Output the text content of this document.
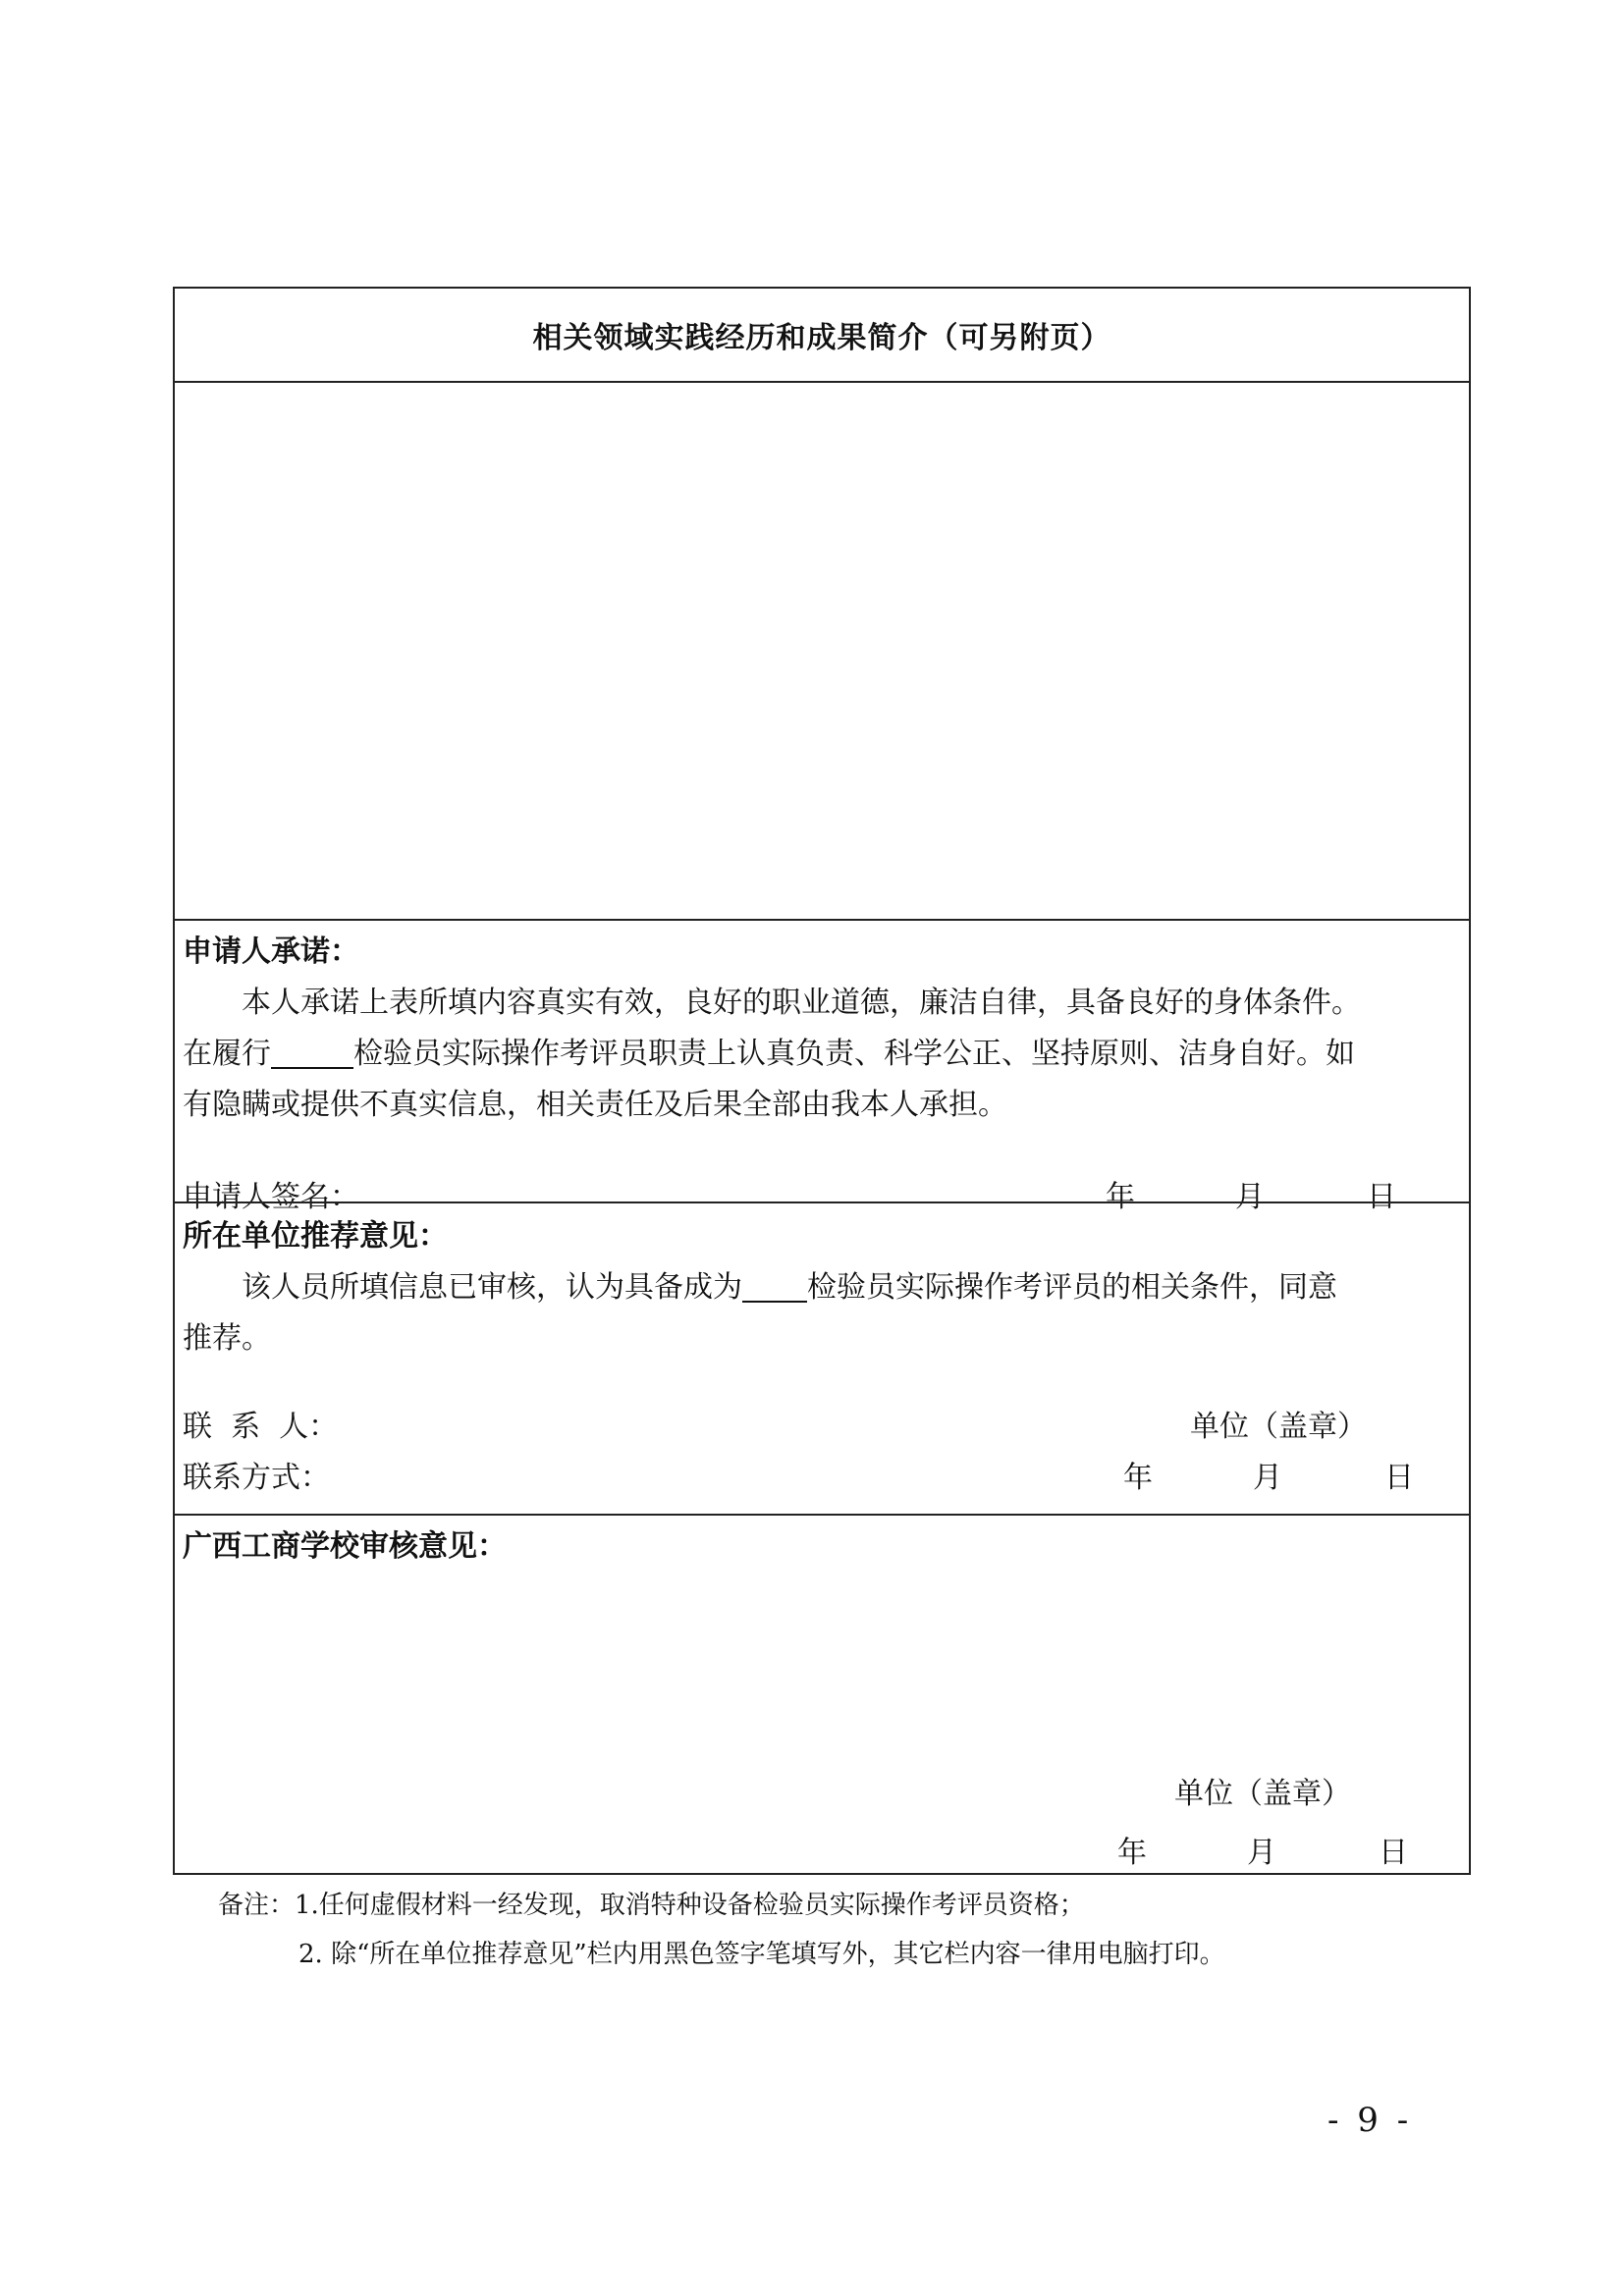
相关领域实践经历和成果简介（可另附页）
申请人承诺：
本人承诺上表所填内容真实有效，良好的职业道德，廉洁自律，具备良好的身体条件。
在履行	检验员实际操作考评员职责上认真负责、科学公正、坚持原则、洁身自好。如
有隐瞒或提供不真实信息，相关责任及后果全部由我本人承担。
申请人签名：	年	月	日
所在单位推荐意见：
该人员所填信息已审核，认为具备成为 检验员实际操作考评员的相关条件，同意
推荐。
联  系  人：	单位（盖章）
联系方式：	年	月	日
广西工商学校审核意见：
单位（盖章）
年	月	日
备注：1.任何虚假材料一经发现，取消特种设备检验员实际操作考评员资格；
2. 除“所在单位推荐意见”栏内用黑色签字笔填写外，其它栏内容一律用电脑打印。
- 9 -
